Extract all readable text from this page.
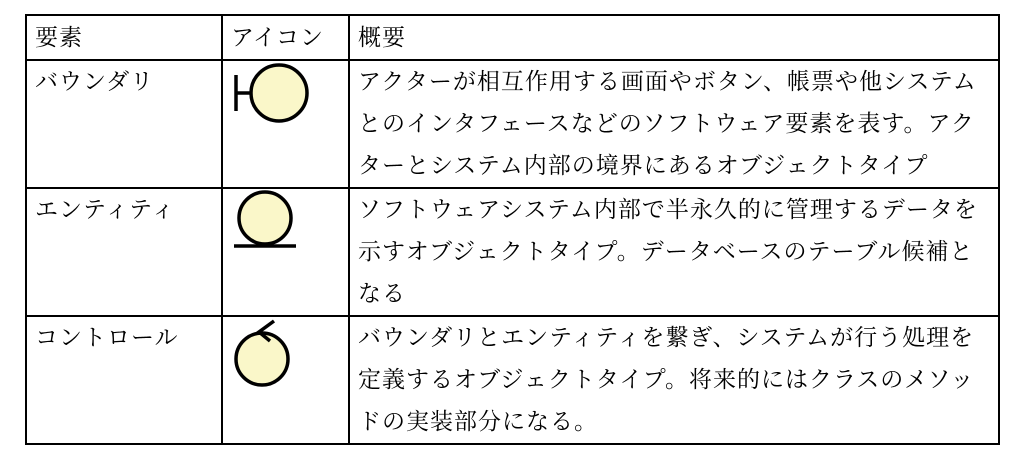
要素	アイコン	概要
バウンダリ		アクターが相互作用する画面やボタン、帳票や他システムとのインタフェースなどのソフトウェア要素を表す。アクターとシステム内部の境界にあるオブジェクトタイプ
エンティティ		ソフトウェアシステム内部で半永久的に管理するデータを示すオブジェクトタイプ。データベースのテーブル候補となる
コントロール		バウンダリとエンティティを繋ぎ、システムが行う処理を定義するオブジェクトタイプ。将来的にはクラスのメソッドの実装部分になる。
